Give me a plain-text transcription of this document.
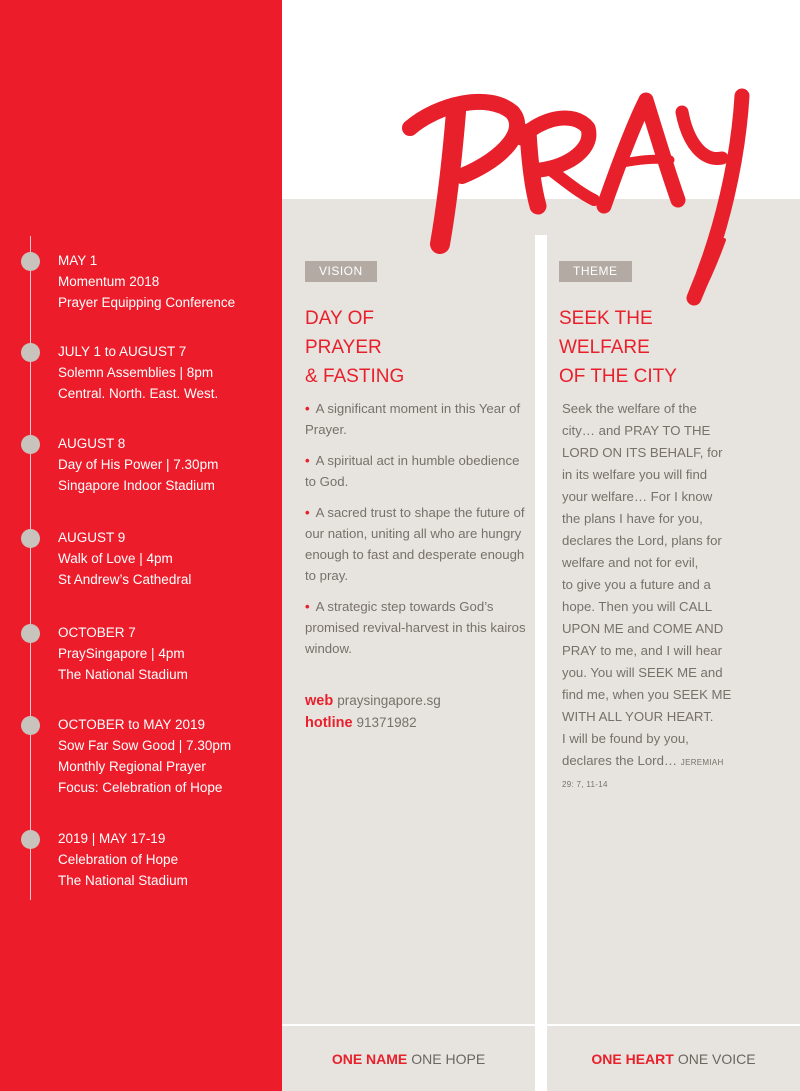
MAY 1
Momentum 2018
Prayer Equipping Conference
JULY 1 to AUGUST 7
Solemn Assemblies | 8pm
Central. North. East. West.
AUGUST 8
Day of His Power | 7.30pm
Singapore Indoor Stadium
AUGUST 9
Walk of Love | 4pm
St Andrew’s Cathedral
OCTOBER 7
PraySingapore | 4pm
The National Stadium
OCTOBER to MAY 2019
Sow Far Sow Good | 7.30pm
Monthly Regional Prayer
Focus: Celebration of Hope
2019 | MAY 17-19
Celebration of Hope
The National Stadium
PRAY
VISION
DAY OF
PRAYER
& FASTING
• A significant moment in this Year of Prayer.
• A spiritual act in humble obedience to God.
• A sacred trust to shape the future of our nation, uniting all who are hungry enough to fast and desperate enough to pray.
• A strategic step towards God’s promised revival-harvest in this kairos window.
web praysingapore.sg
hotline 91371982
THEME
SEEK THE
WELFARE
OF THE CITY
Seek the welfare of the
city… and PRAY TO THE
LORD ON ITS BEHALF, for
in its welfare you will find
your welfare… For I know
the plans I have for you,
declares the Lord, plans for
welfare and not for evil,
to give you a future and a
hope. Then you will CALL
UPON ME and COME AND
PRAY to me, and I will hear
you. You will SEEK ME and
find me, when you SEEK ME
WITH ALL YOUR HEART.
I will be found by you,
declares the Lord… JEREMIAH
29: 7, 11-14
ONE NAME ONE HOPE	ONE HEART ONE VOICE
